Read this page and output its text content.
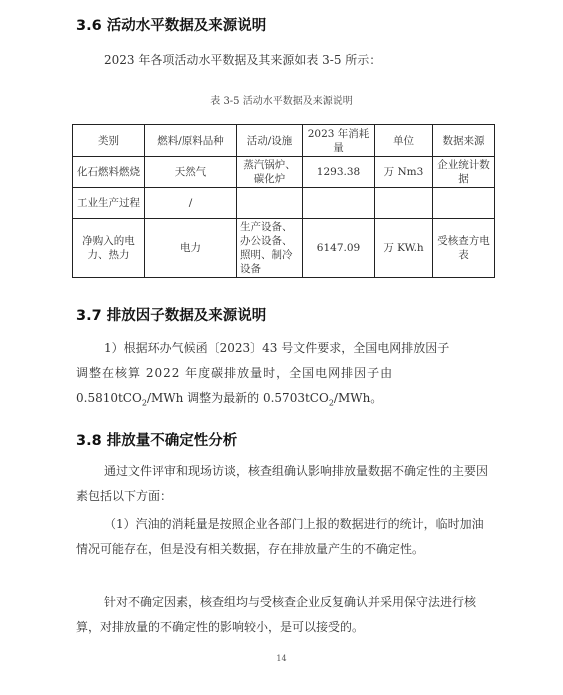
3.6 活动水平数据及来源说明

2023 年各项活动水平数据及其来源如表 3-5 所示：

表 3-5 活动水平数据及来源说明
类别	燃料/原料品种	活动/设施	2023 年消耗量	单位	数据来源
化石燃料燃烧	天然气	蒸汽锅炉、碳化炉	1293.38	万 Nm3	企业统计数据
工业生产过程	/				
净购入的电力、热力	电力	生产设备、办公设备、照明、制冷设备	6147.09	万 KW.h	受核查方电表
3.7 排放因子数据及来源说明
1）根据环办气候函〔2023〕43 号文件要求，全国电网排放因子
调整在核算 2022 年度碳排放量时，全国电网排因子由
0.5810tCO$_2$/MWh 调整为最新的 0.5703tCO$_2$/MWh。
3.8 排放量不确定性分析

通过文件评审和现场访谈，核查组确认影响排放量数据不确定性的主要因素包括以下方面：

（1）汽油的消耗量是按照企业各部门上报的数据进行的统计，临时加油情况可能存在，但是没有相关数据，存在排放量产生的不确定性。

针对不确定因素，核查组均与受核查企业反复确认并采用保守法进行核算，对排放量的不确定性的影响较小，是可以接受的。

14
